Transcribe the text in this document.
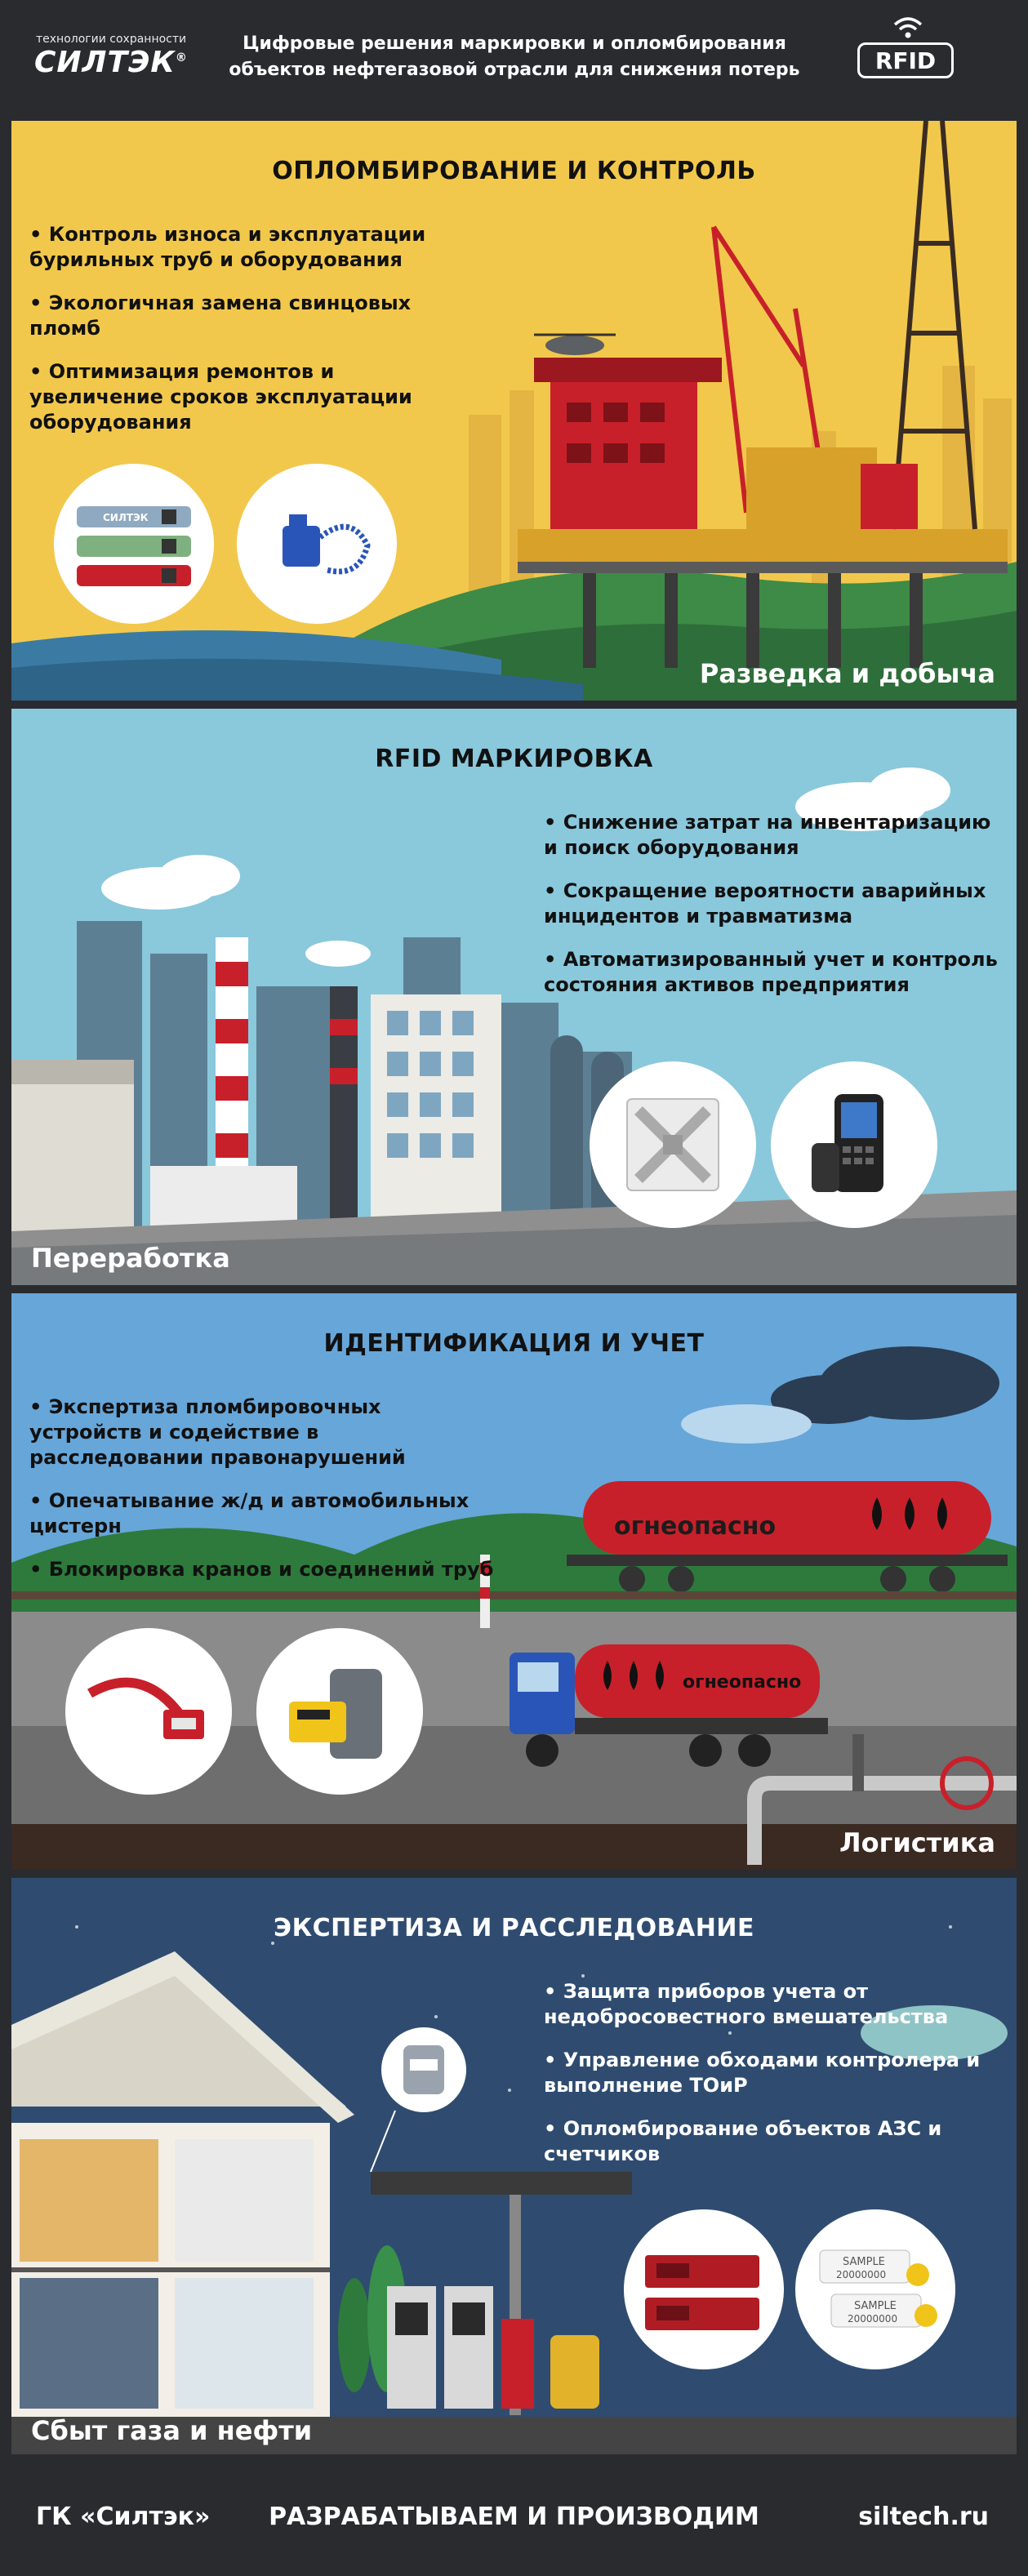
технологии сохранности
СИЛТЭК®
Цифровые решения маркировки и опломбирования
объектов нефтегазовой отрасли для снижения потерь	RFID
ОПЛОМБИРОВАНИЕ И КОНТРОЛЬ
• Контроль износа и эксплуатации бурильных труб и оборудования
• Экологичная замена свинцовых пломб
• Оптимизация ремонтов и увеличение сроков эксплуатации оборудования
СИЛТЭК
Разведка и добыча
RFID МАРКИРОВКА
• Снижение затрат на инвентаризацию и поиск оборудования
• Сокращение вероятности аварийных инцидентов и травматизма
• Автоматизированный учет и контроль состояния активов предприятия
Переработка
ИДЕНТИФИКАЦИЯ И УЧЕТ
• Экспертиза пломбировочных устройств и содействие в расследовании правонарушений
• Опечатывание ж/д и автомобильных цистерн
• Блокировка кранов и соединений труб
огнеопасно
огнеопасно
Логистика
ЭКСПЕРТИЗА И РАССЛЕДОВАНИЕ
• Защита приборов учета от недобросовестного вмешательства
• Управление обходами контролера и выполнение ТОиР
• Опломбирование объектов АЗС и счетчиков
SAMPLE
20000000
SAMPLE
20000000
Сбыт газа и нефти
РАЗРАБАТЫВАЕМ И ПРОИЗВОДИМ
ГК «Силтэк»	siltech.ru
